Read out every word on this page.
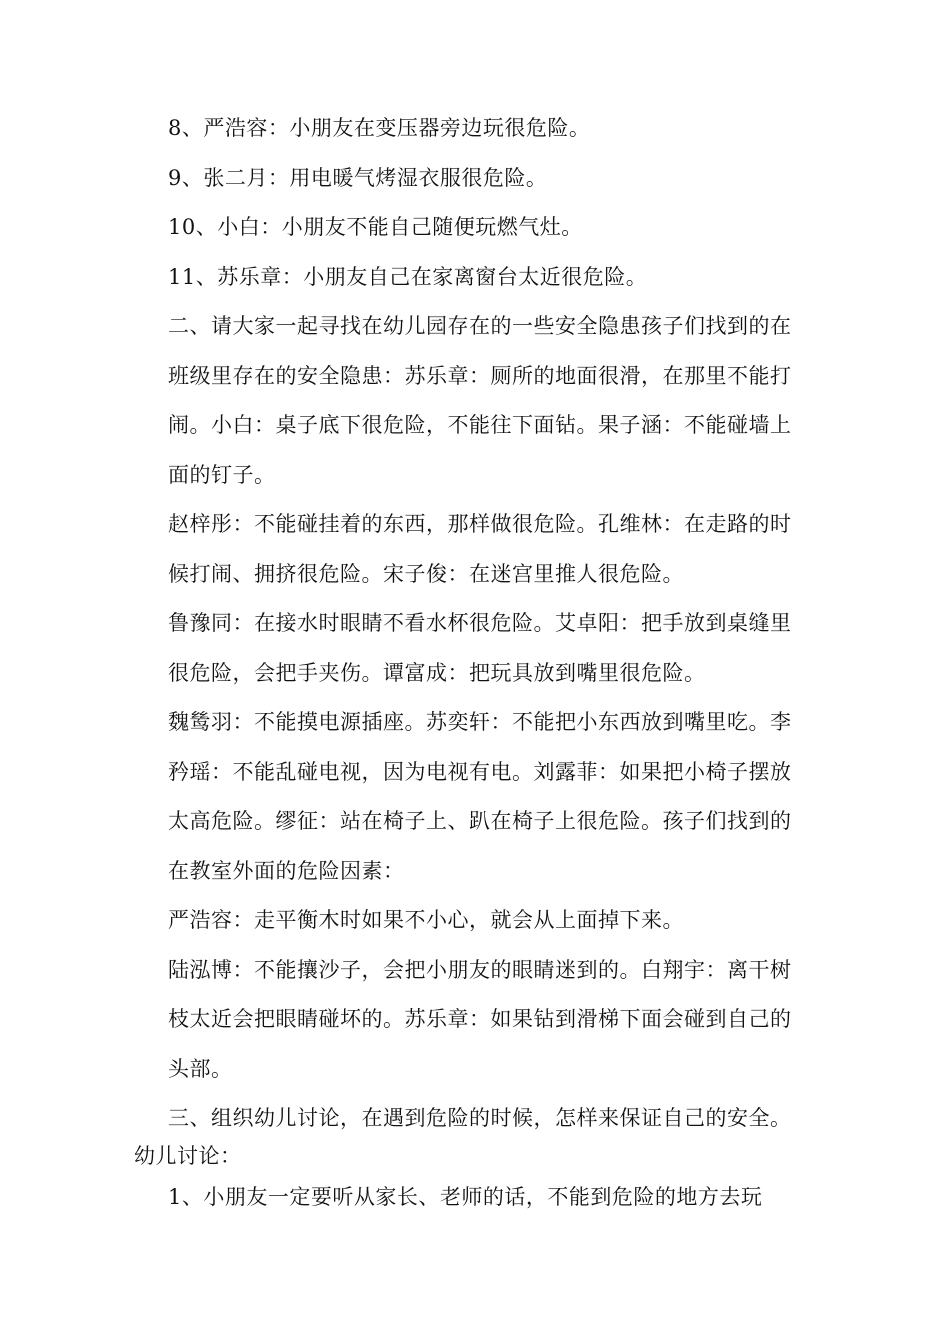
8、严浩容：小朋友在变压器旁边玩很危险。
9、张二月：用电暖气烤湿衣服很危险。
10、小白：小朋友不能自己随便玩燃气灶。
11、苏乐章：小朋友自己在家离窗台太近很危险。
二、请大家一起寻找在幼儿园存在的一些安全隐患孩子们找到的在
班级里存在的安全隐患：苏乐章：厕所的地面很滑，在那里不能打
闹。小白：桌子底下很危险，不能往下面钻。果子涵：不能碰墙上
面的钉子。
赵梓彤：不能碰挂着的东西，那样做很危险。孔维林：在走路的时
候打闹、拥挤很危险。宋子俊：在迷宫里推人很危险。
鲁豫同：在接水时眼睛不看水杯很危险。艾卓阳：把手放到桌缝里
很危险，会把手夹伤。谭富成：把玩具放到嘴里很危险。
魏鸶羽：不能摸电源插座。苏奕轩：不能把小东西放到嘴里吃。李
矜瑶：不能乱碰电视，因为电视有电。刘露菲：如果把小椅子摆放
太高危险。缪征：站在椅子上、趴在椅子上很危险。孩子们找到的
在教室外面的危险因素：
严浩容：走平衡木时如果不小心，就会从上面掉下来。
陆泓博：不能攘沙子，会把小朋友的眼睛迷到的。白翔宇：离干树
枝太近会把眼睛碰坏的。苏乐章：如果钻到滑梯下面会碰到自己的
头部。
三、组织幼儿讨论，在遇到危险的时候，怎样来保证自己的安全。
幼儿讨论：
1、小朋友一定要听从家长、老师的话，不能到危险的地方去玩
